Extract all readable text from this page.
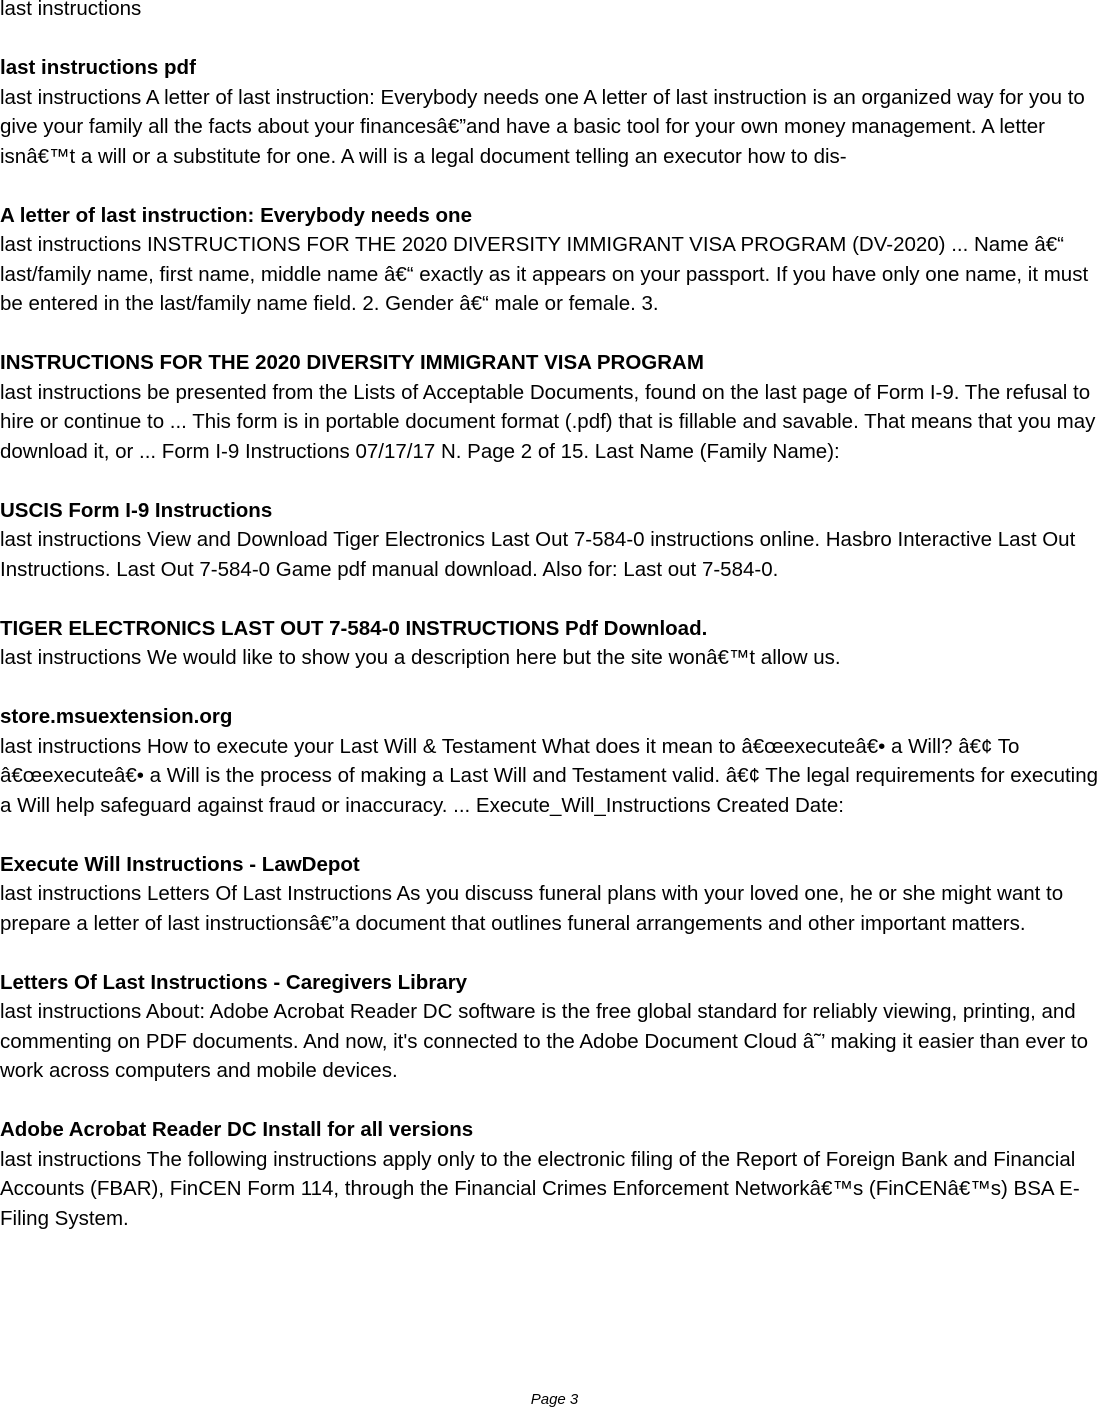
last instructions

last instructions pdf

last instructions A letter of last instruction: Everybody needs one A letter of last instruction is an organized way for you to give your family all the facts about your financesâ€”and have a basic tool for your own money management. A letter isnâ€™t a will or a substitute for one. A will is a legal document telling an executor how to dis-

A letter of last instruction: Everybody needs one

last instructions INSTRUCTIONS FOR THE 2020 DIVERSITY IMMIGRANT VISA PROGRAM (DV-2020) ... Name â€“ last/family name, first name, middle name â€“ exactly as it appears on your passport. If you have only one name, it must be entered in the last/family name field. 2. Gender â€“ male or female. 3.

INSTRUCTIONS FOR THE 2020 DIVERSITY IMMIGRANT VISA PROGRAM

last instructions be presented from the Lists of Acceptable Documents, found on the last page of Form I-9. The refusal to hire or continue to ... This form is in portable document format (.pdf) that is fillable and savable. That means that you may download it, or ... Form I-9 Instructions 07/17/17 N. Page 2 of 15. Last Name (Family Name):

USCIS Form I-9 Instructions

last instructions View and Download Tiger Electronics Last Out 7-584-0 instructions online. Hasbro Interactive Last Out Instructions. Last Out 7-584-0 Game pdf manual download. Also for: Last out 7-584-0.

TIGER ELECTRONICS LAST OUT 7-584-0 INSTRUCTIONS Pdf Download.

last instructions We would like to show you a description here but the site wonâ€™t allow us.

store.msuextension.org

last instructions How to execute your Last Will & Testament What does it mean to â€œexecuteâ€• a Will? â€¢ To â€œexecuteâ€• a Will is the process of making a Last Will and Testament valid. â€¢ The legal requirements for executing a Will help safeguard against fraud or inaccuracy. ... Execute_Will_Instructions Created Date:

Execute Will Instructions - LawDepot

last instructions Letters Of Last Instructions As you discuss funeral plans with your loved one, he or she might want to prepare a letter of last instructionsâ€”a document that outlines funeral arrangements and other important matters.

Letters Of Last Instructions - Caregivers Library

last instructions About: Adobe Acrobat Reader DC software is the free global standard for reliably viewing, printing, and commenting on PDF documents. And now, it's connected to the Adobe Document Cloud â˜’ making it easier than ever to work across computers and mobile devices.

Adobe Acrobat Reader DC Install for all versions

last instructions The following instructions apply only to the electronic filing of the Report of Foreign Bank and Financial Accounts (FBAR), FinCEN Form 114, through the Financial Crimes Enforcement Networkâ€™s (FinCENâ€™s) BSA E-Filing System.

Page 3
